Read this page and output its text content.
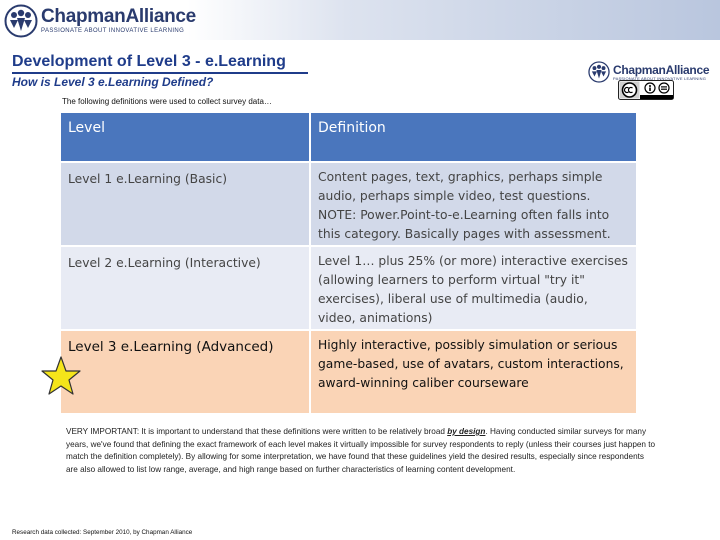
ChapmanAlliance
PASSIONATE ABOUT INNOVATIVE LEARNING
Development of Level 3 - e.Learning
How is Level 3 e.Learning Defined?
ChapmanAlliance
PASSIONATE ABOUT INNOVATIVE LEARNING
The following definitions were used to collect survey data…
Level	Definition
Level 1 e.Learning (Basic)	Content pages, text, graphics, perhaps simple audio, perhaps simple video, test questions. NOTE: Power.Point-to-e.Learning often falls into this category. Basically pages with assessment.
Level 2 e.Learning (Interactive)	Level 1… plus 25% (or more) interactive exercises (allowing learners to perform virtual "try it" exercises), liberal use of multimedia (audio, video, animations)
Level 3 e.Learning (Advanced)	Highly interactive, possibly simulation or serious game-based, use of avatars, custom interactions, award-winning caliber courseware
VERY IMPORTANT: It is important to understand that these definitions were written to be relatively broad by design. Having conducted similar surveys for many years, we've found that defining the exact framework of each level makes it virtually impossible for survey respondents to reply (unless their courses just happen to match the definition completely). By allowing for some interpretation, we have found that these guidelines yield the desired results, especially since respondents are also allowed to list low range, average, and high range based on further characteristics of learning content development.
Research data collected: September 2010, by Chapman Alliance
